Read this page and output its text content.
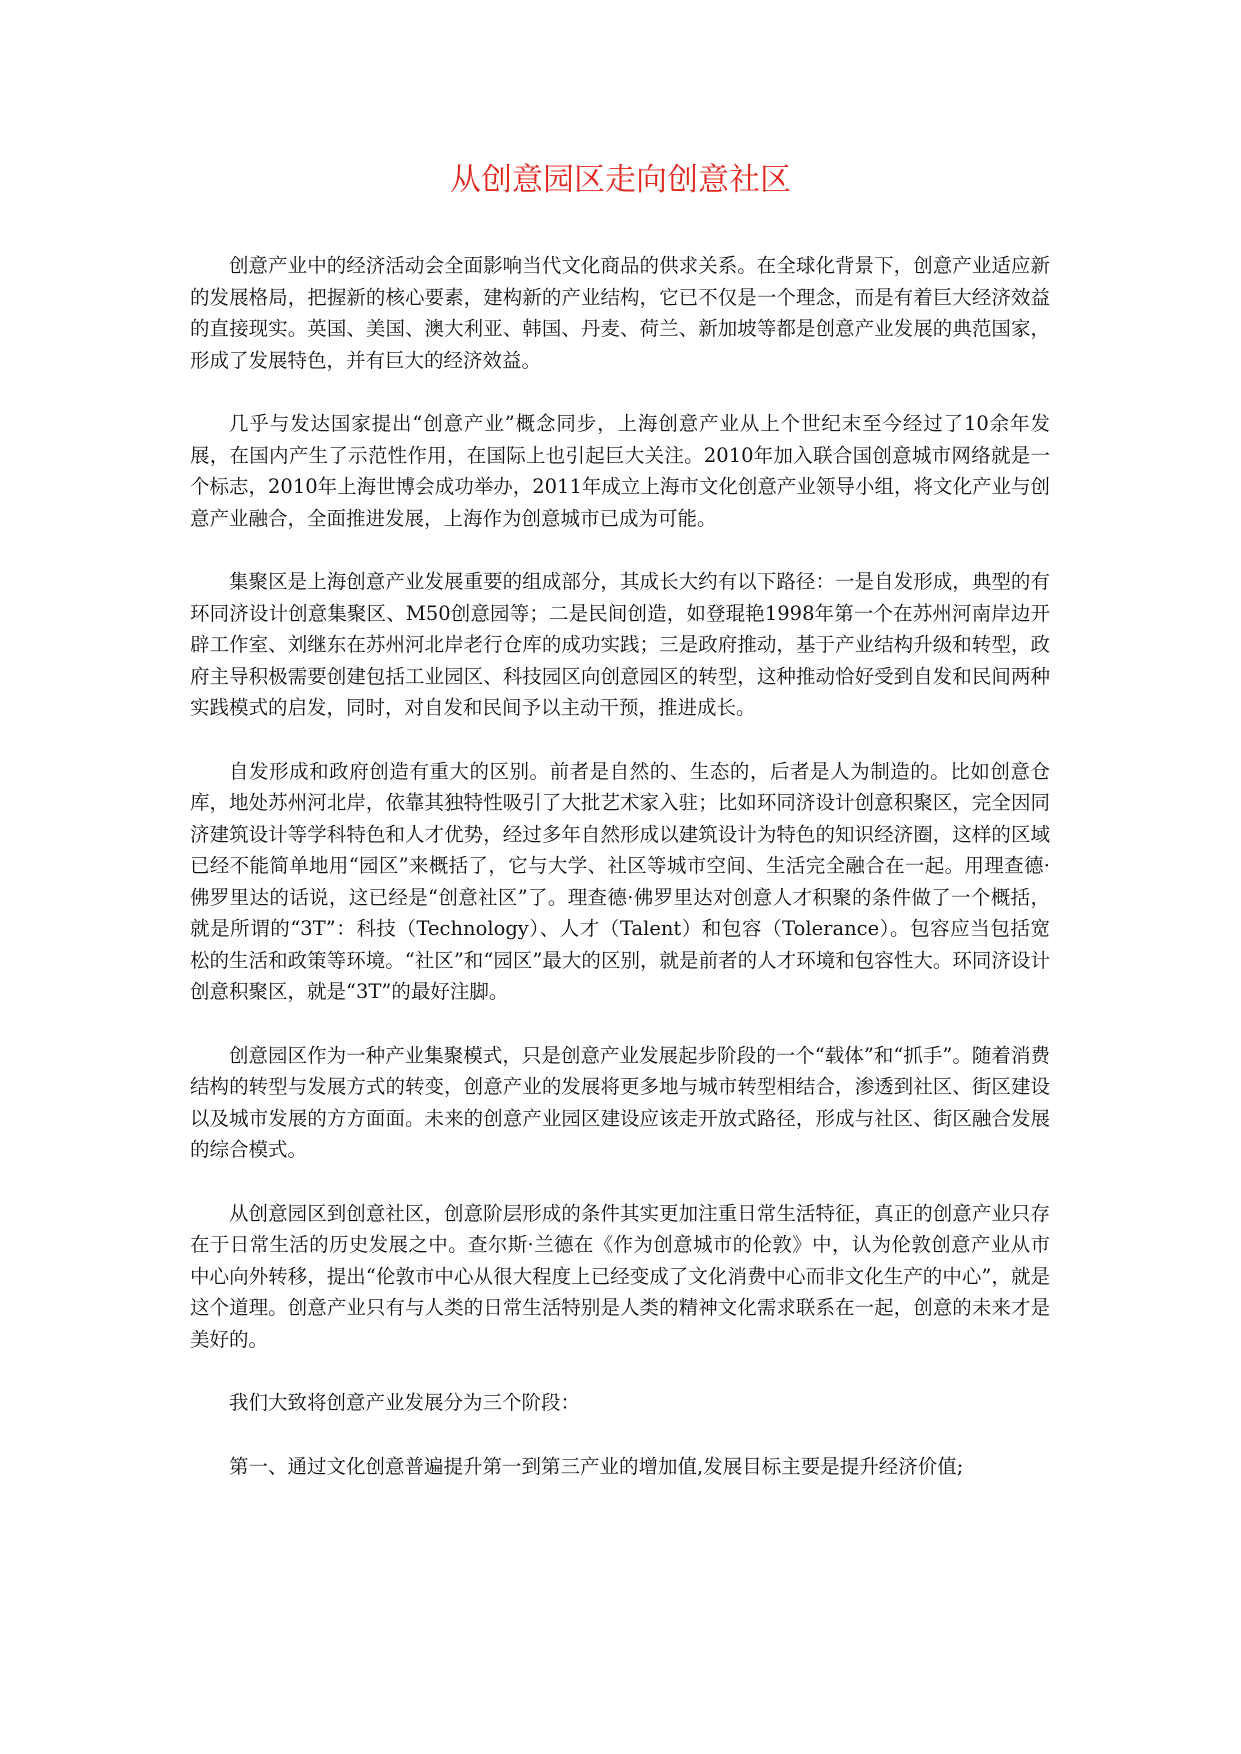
从创意园区走向创意社区

创意产业中的经济活动会全面影响当代文化商品的供求关系。在全球化背景下，创意产业适应新的发展格局，把握新的核心要素，建构新的产业结构，它已不仅是一个理念，而是有着巨大经济效益的直接现实。英国、美国、澳大利亚、韩国、丹麦、荷兰、新加坡等都是创意产业发展的典范国家，形成了发展特色，并有巨大的经济效益。

几乎与发达国家提出“创意产业”概念同步，上海创意产业从上个世纪末至今经过了10余年发展，在国内产生了示范性作用，在国际上也引起巨大关注。2010年加入联合国创意城市网络就是一个标志，2010年上海世博会成功举办，2011年成立上海市文化创意产业领导小组，将文化产业与创意产业融合，全面推进发展，上海作为创意城市已成为可能。

集聚区是上海创意产业发展重要的组成部分，其成长大约有以下路径：一是自发形成，典型的有环同济设计创意集聚区、M50创意园等；二是民间创造，如登琨艳1998年第一个在苏州河南岸边开辟工作室、刘继东在苏州河北岸老行仓库的成功实践；三是政府推动，基于产业结构升级和转型，政府主导积极需要创建包括工业园区、科技园区向创意园区的转型，这种推动恰好受到自发和民间两种实践模式的启发，同时，对自发和民间予以主动干预，推进成长。

自发形成和政府创造有重大的区别。前者是自然的、生态的，后者是人为制造的。比如创意仓库，地处苏州河北岸，依靠其独特性吸引了大批艺术家入驻；比如环同济设计创意积聚区，完全因同济建筑设计等学科特色和人才优势，经过多年自然形成以建筑设计为特色的知识经济圈，这样的区域已经不能简单地用“园区”来概括了，它与大学、社区等城市空间、生活完全融合在一起。用理查德·佛罗里达的话说，这已经是“创意社区”了。理查德·佛罗里达对创意人才积聚的条件做了一个概括，就是所谓的“3T”：科技（Technology）、人才（Talent）和包容（Tolerance）。包容应当包括宽松的生活和政策等环境。“社区”和“园区”最大的区别，就是前者的人才环境和包容性大。环同济设计创意积聚区，就是“3T”的最好注脚。

创意园区作为一种产业集聚模式，只是创意产业发展起步阶段的一个“载体”和“抓手”。随着消费结构的转型与发展方式的转变，创意产业的发展将更多地与城市转型相结合，渗透到社区、街区建设以及城市发展的方方面面。未来的创意产业园区建设应该走开放式路径，形成与社区、街区融合发展的综合模式。

从创意园区到创意社区，创意阶层形成的条件其实更加注重日常生活特征，真正的创意产业只存在于日常生活的历史发展之中。查尔斯·兰德在《作为创意城市的伦敦》中，认为伦敦创意产业从市中心向外转移，提出“伦敦市中心从很大程度上已经变成了文化消费中心而非文化生产的中心”，就是这个道理。创意产业只有与人类的日常生活特别是人类的精神文化需求联系在一起，创意的未来才是美好的。

我们大致将创意产业发展分为三个阶段：

第一、通过文化创意普遍提升第一到第三产业的增加值,发展目标主要是提升经济价值;
